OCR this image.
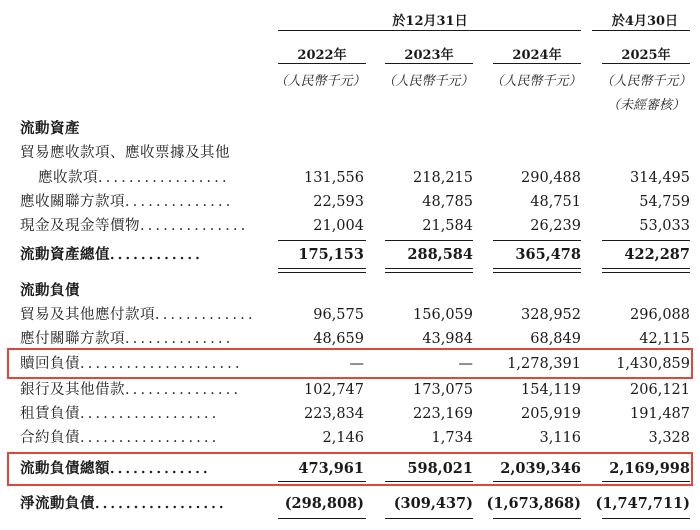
於12月31日	於4月30日
2022年	2023年	2024年	2025年
（人民幣千元）	（人民幣千元）	（人民幣千元）	（人民幣千元）
（未經審核）
流動資產
貿易應收款項、應收票據及其他
應收款項．．．．．．．．．．．．．．．．．	131,556	218,215	290,488	314,495
應收關聯方款項．．．．．．．．．．．．．．	22,593	48,785	48,751	54,759
現金及現金等價物．．．．．．．．．．．．．．	21,004	21,584	26,239	53,033
流動資產總值．．．．．．．．．．．．	175,153	288,584	365,478	422,287
流動負債
貿易及其他應付款項．．．．．．．．．．．．．	96,575	156,059	328,952	296,088
應付關聯方款項．．．．．．．．．．．．．．	48,659	43,984	68,849	42,115
贖回負債．．．．．．．．．．．．．．．．．．．．．	—	— 1,278,391 1,430,859
銀行及其他借款．．．．．．．．．．．．．．．	102,747	173,075	154,119	206,121
租賃負債．．．．．．．．．．．．．．．．．．	223,834	223,169	205,919	191,487
合約負債．．．．．．．．．．．．．．．．．．	2,146	1,734	3,116	3,328
流動負債總額．．．．．．．．．．．．．	473,961	598,021 2,039,346 2,169,998
淨流動負債．．．．．．．．．．．．．．．．．	(298,808) (309,437) (1,673,868) (1,747,711)
